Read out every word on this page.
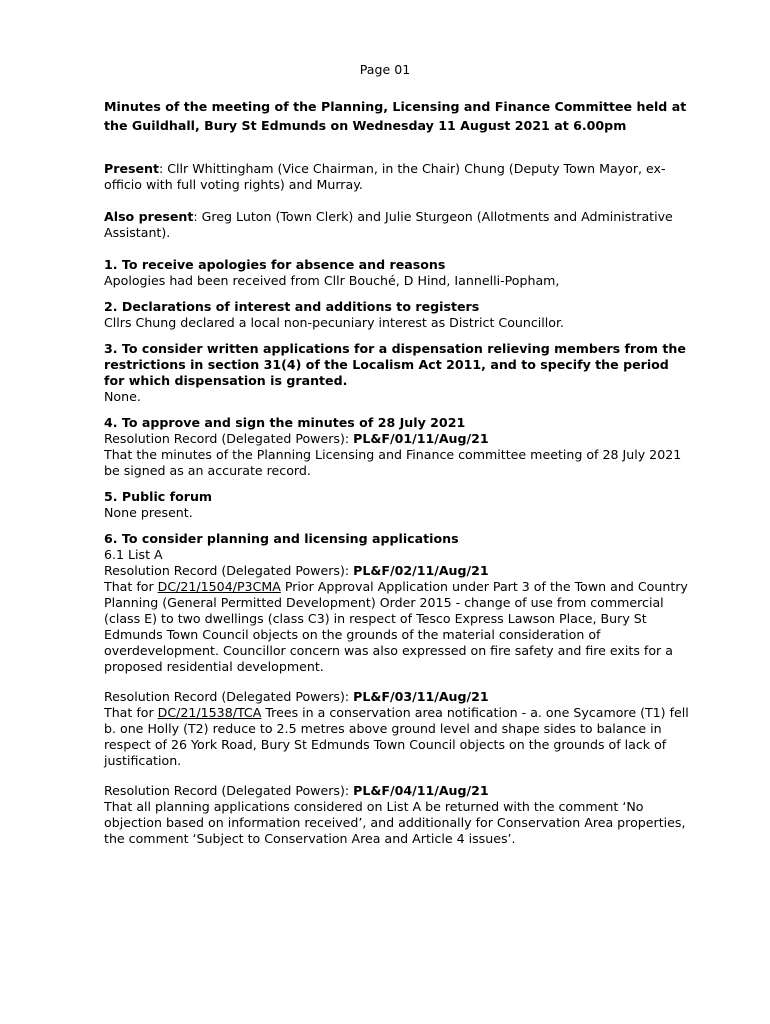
Page 01

Minutes of the meeting of the Planning, Licensing and Finance Committee held at the Guildhall, Bury St Edmunds on Wednesday 11 August 2021 at 6.00pm

Present: Cllr Whittingham (Vice Chairman, in the Chair) Chung (Deputy Town Mayor, ex-officio with full voting rights) and Murray.

Also present: Greg Luton (Town Clerk) and Julie Sturgeon (Allotments and Administrative Assistant).

1. To receive apologies for absence and reasons

Apologies had been received from Cllr Bouché, D Hind, Iannelli-Popham,

2. Declarations of interest and additions to registers

Cllrs Chung declared a local non-pecuniary interest as District Councillor.

3. To consider written applications for a dispensation relieving members from the restrictions in section 31(4) of the Localism Act 2011, and to specify the period for which dispensation is granted.

None.

4. To approve and sign the minutes of 28 July 2021

Resolution Record (Delegated Powers): PL&F/01/11/Aug/21

That the minutes of the Planning Licensing and Finance committee meeting of 28 July 2021 be signed as an accurate record.

5. Public forum

None present.

6. To consider planning and licensing applications

6.1 List A

Resolution Record (Delegated Powers): PL&F/02/11/Aug/21

That for DC/21/1504/P3CMA Prior Approval Application under Part 3 of the Town and Country Planning (General Permitted Development) Order 2015 - change of use from commercial (class E) to two dwellings (class C3) in respect of Tesco Express Lawson Place, Bury St Edmunds Town Council objects on the grounds of the material consideration of overdevelopment. Councillor concern was also expressed on fire safety and fire exits for a proposed residential development.

Resolution Record (Delegated Powers): PL&F/03/11/Aug/21

That for DC/21/1538/TCA Trees in a conservation area notification - a. one Sycamore (T1) fell b. one Holly (T2) reduce to 2.5 metres above ground level and shape sides to balance in respect of 26 York Road, Bury St Edmunds Town Council objects on the grounds of lack of justification.

Resolution Record (Delegated Powers): PL&F/04/11/Aug/21

That all planning applications considered on List A be returned with the comment ‘No objection based on information received’, and additionally for Conservation Area properties, the comment ‘Subject to Conservation Area and Article 4 issues’.
